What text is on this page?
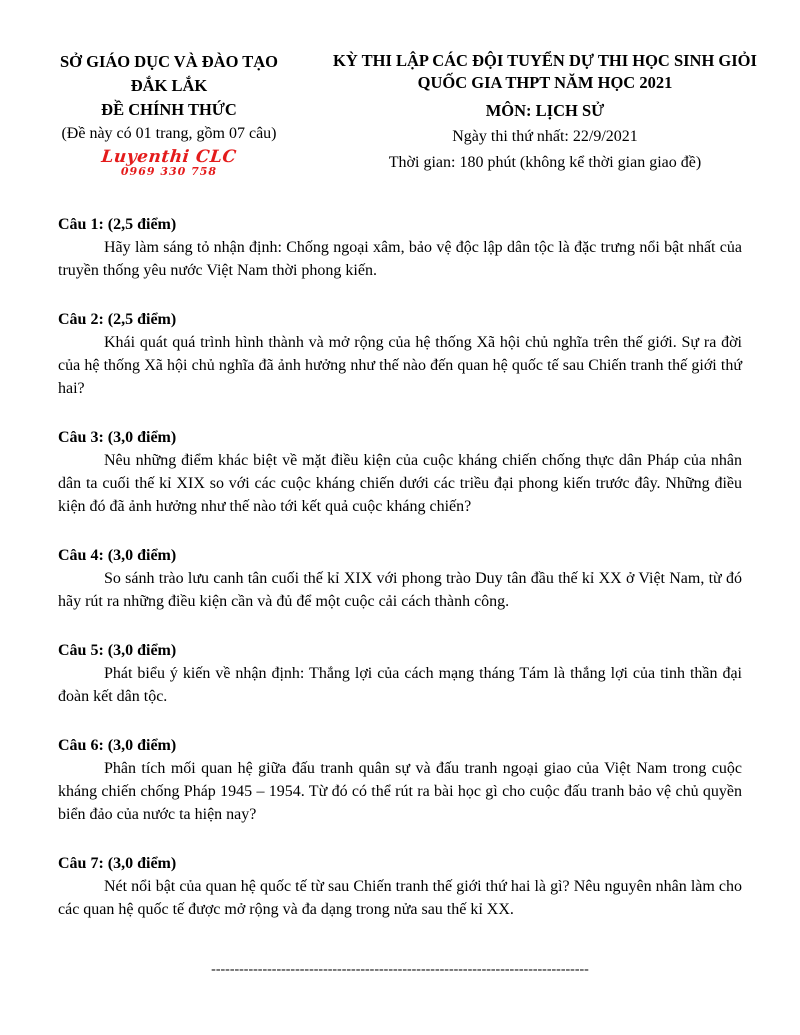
SỞ GIÁO DỤC VÀ ĐÀO TẠO
ĐẮK LẮK
ĐỀ CHÍNH THỨC
(Đề này có 01 trang, gồm 07 câu)
Luyenthi CLC
0969 330 758
KỲ THI LẬP CÁC ĐỘI TUYỂN DỰ THI HỌC SINH GIỎI
QUỐC GIA THPT NĂM HỌC 2021
MÔN: LỊCH SỬ
Ngày thi thứ nhất: 22/9/2021
Thời gian: 180 phút (không kể thời gian giao đề)
Câu 1: (2,5 điểm)
Hãy làm sáng tỏ nhận định: Chống ngoại xâm, bảo vệ độc lập dân tộc là đặc trưng nổi bật nhất của truyền thống yêu nước Việt Nam thời phong kiến.
Câu 2: (2,5 điểm)
Khái quát quá trình hình thành và mở rộng của hệ thống Xã hội chủ nghĩa trên thế giới. Sự ra đời của hệ thống Xã hội chủ nghĩa đã ảnh hưởng như thế nào đến quan hệ quốc tế sau Chiến tranh thế giới thứ hai?
Câu 3: (3,0 điểm)
Nêu những điểm khác biệt về mặt điều kiện của cuộc kháng chiến chống thực dân Pháp của nhân dân ta cuối thế kỉ XIX so với các cuộc kháng chiến dưới các triều đại phong kiến trước đây. Những điều kiện đó đã ảnh hưởng như thế nào tới kết quả cuộc kháng chiến?
Câu 4: (3,0 điểm)
So sánh trào lưu canh tân cuối thế kỉ XIX với phong trào Duy tân đầu thế kỉ XX ở Việt Nam, từ đó hãy rút ra những điều kiện cần và đủ để một cuộc cải cách thành công.
Câu 5: (3,0 điểm)
Phát biểu ý kiến về nhận định: Thắng lợi của cách mạng tháng Tám là thắng lợi của tinh thần đại đoàn kết dân tộc.
Câu 6: (3,0 điểm)
Phân tích mối quan hệ giữa đấu tranh quân sự và đấu tranh ngoại giao của Việt Nam trong cuộc kháng chiến chống Pháp 1945 – 1954. Từ đó có thể rút ra bài học gì cho cuộc đấu tranh bảo vệ chủ quyền biển đảo của nước ta hiện nay?
Câu 7: (3,0 điểm)
Nét nổi bật của quan hệ quốc tế từ sau Chiến tranh thế giới thứ hai là gì? Nêu nguyên nhân làm cho các quan hệ quốc tế được mở rộng và đa dạng trong nửa sau thế kỉ XX.
---------------------------------------------------------------------------------
